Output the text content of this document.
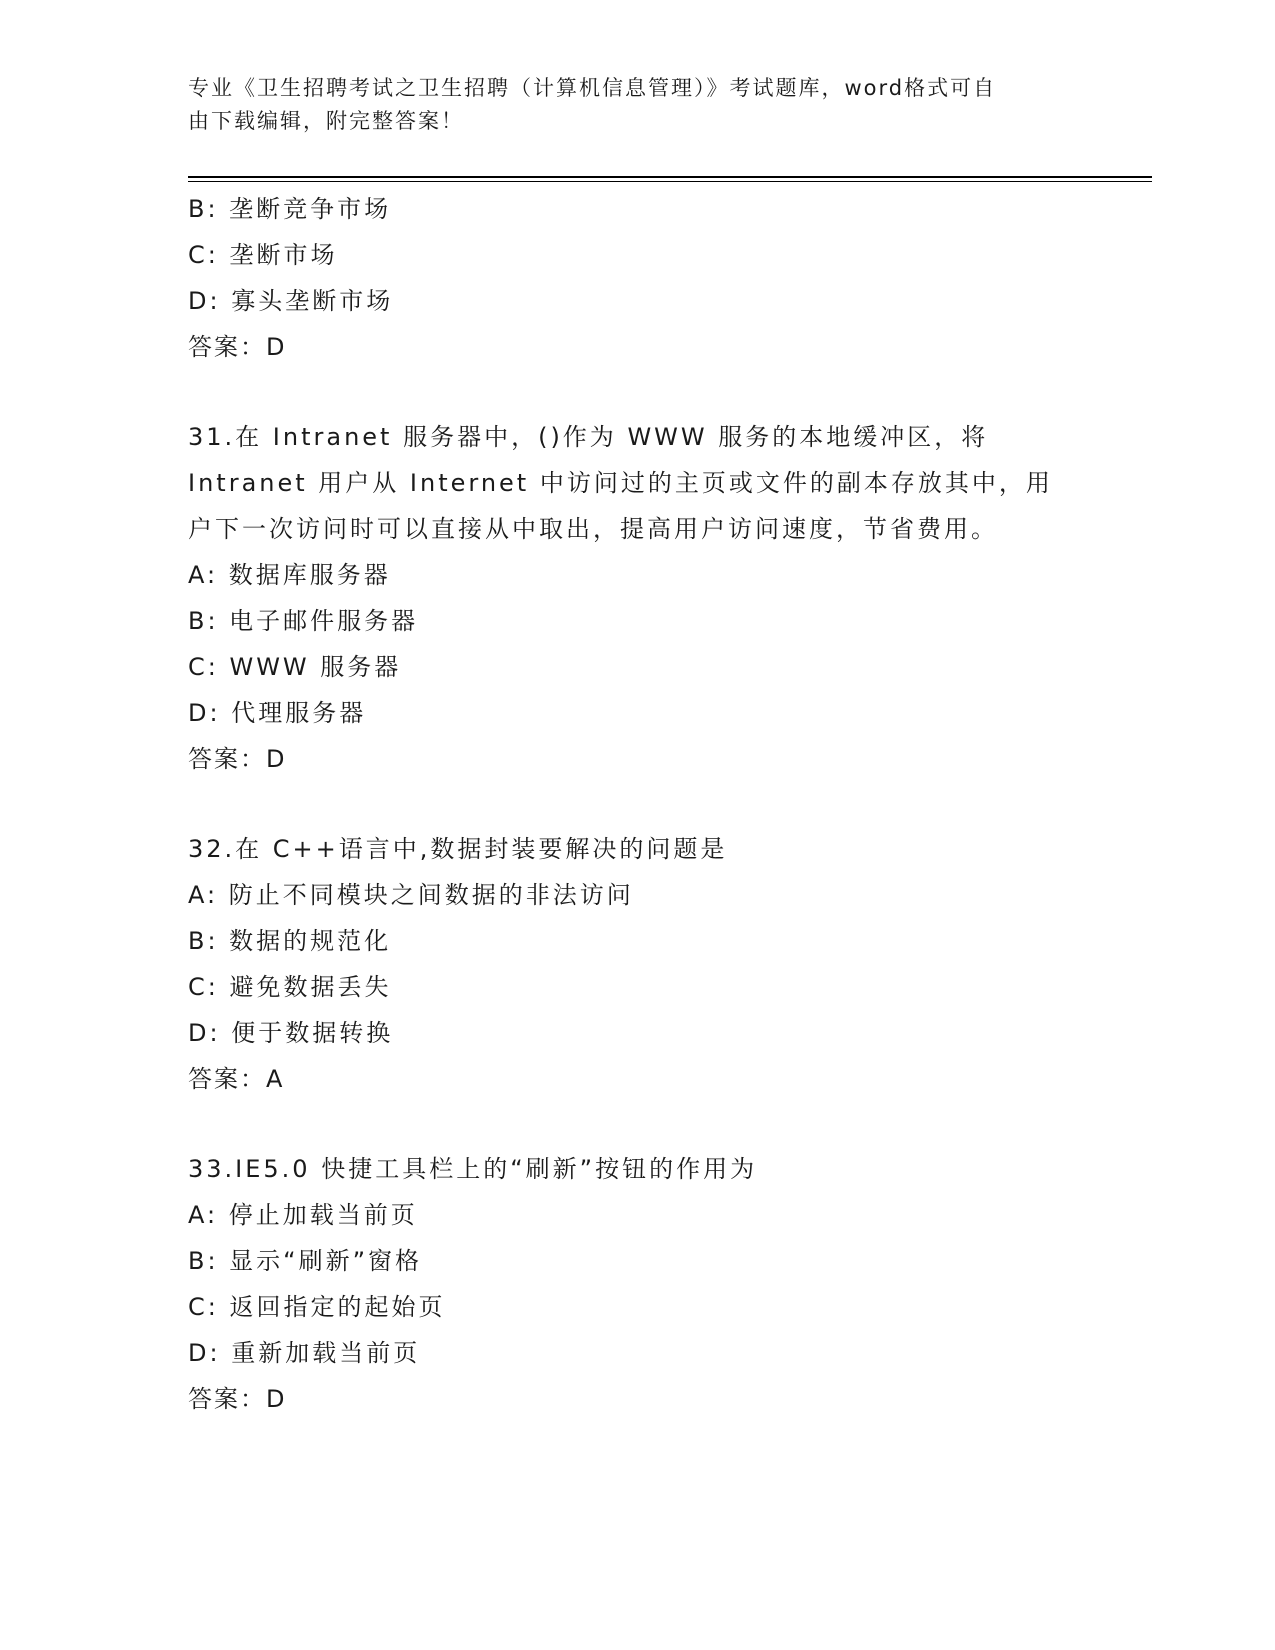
专业《卫生招聘考试之卫生招聘（计算机信息管理）》考试题库，word格式可自
由下载编辑，附完整答案！
B: 垄断竞争市场
C: 垄断市场
D: 寡头垄断市场
答案：D
31.在 Intranet 服务器中，()作为 WWW 服务的本地缓冲区，将
Intranet 用户从 Internet 中访问过的主页或文件的副本存放其中，用
户下一次访问时可以直接从中取出，提高用户访问速度，节省费用。
A: 数据库服务器
B: 电子邮件服务器
C: WWW 服务器
D: 代理服务器
答案：D
32.在 C++语言中,数据封装要解决的问题是
A: 防止不同模块之间数据的非法访问
B: 数据的规范化
C: 避免数据丢失
D: 便于数据转换
答案：A
33.IE5.0 快捷工具栏上的“刷新”按钮的作用为
A: 停止加载当前页
B: 显示“刷新”窗格
C: 返回指定的起始页
D: 重新加载当前页
答案：D
